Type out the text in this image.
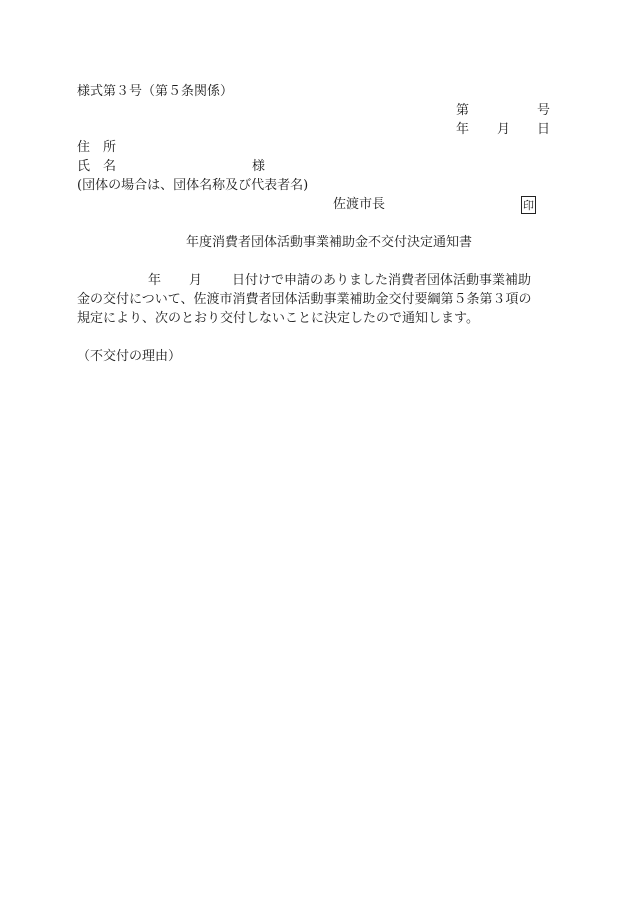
様式第３号（第５条関係）

第	号

年 月 日

住　所

氏　名	様

(団体の場合は、団体名称及び代表者名)

佐渡市長	印

年度消費者団体活動事業補助金不交付決定通知書

年 月 日付けで申請のありました消費者団体活動事業補助

金の交付について、佐渡市消費者団体活動事業補助金交付要綱第５条第３項の

規定により、次のとおり交付しないことに決定したので通知します。

（不交付の理由）
